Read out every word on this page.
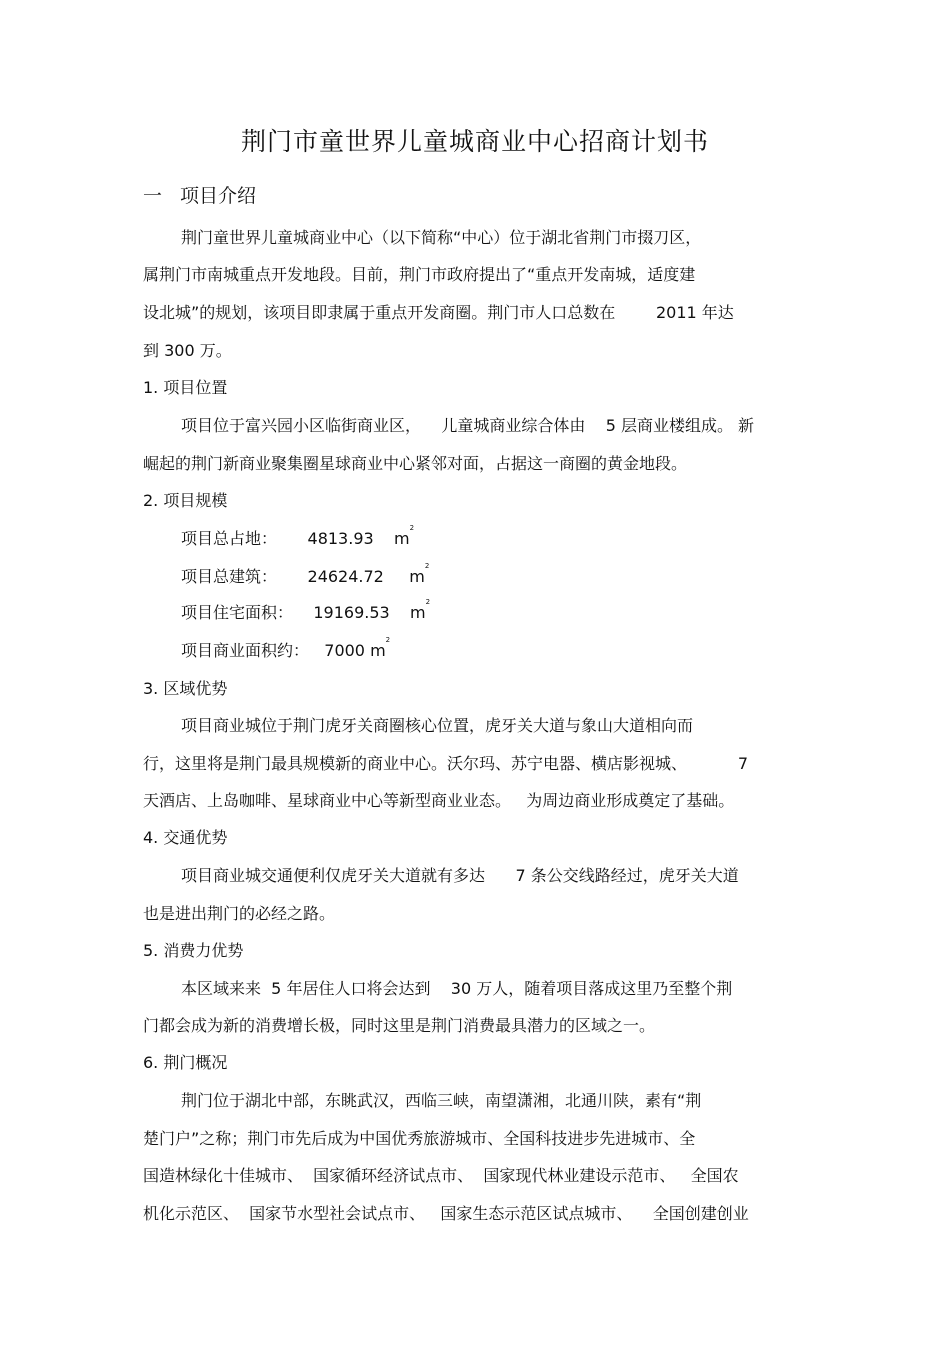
荆门市童世界儿童城商业中心招商计划书
一 项目介绍
荆门童世界儿童城商业中心（以下简称“中心）位于湖北省荆门市掇刀区，
属荆门市南城重点开发地段。目前，荆门市政府提出了“重点开发南城，适度建
设北城”的规划，该项目即隶属于重点开发商圈。荆门市人口总数在        2011 年达
到 300 万。
1. 项目位置
项目位于富兴园小区临街商业区，    儿童城商业综合体由    5 层商业楼组成。 新
崛起的荆门新商业聚集圈星球商业中心紧邻对面，占据这一商圈的黄金地段。
2. 项目规模
项目总占地：      4813.93    $m^2$
项目总建筑：      24624.72     $m^2$
项目住宅面积：    19169.53    $m^2$
项目商业面积约：   7000 $m^2$
3. 区域优势
项目商业城位于荆门虎牙关商圈核心位置，虎牙关大道与象山大道相向而
行，这里将是荆门最具规模新的商业中心。沃尔玛、苏宁电器、横店影视城、          7
天酒店、上岛咖啡、星球商业中心等新型商业业态。   为周边商业形成奠定了基础。
4. 交通优势
项目商业城交通便利仅虎牙关大道就有多达      7 条公交线路经过，虎牙关大道
也是进出荆门的必经之路。
5. 消费力优势
本区域来来  5 年居住人口将会达到    30 万人，随着项目落成这里乃至整个荆
门都会成为新的消费增长极，同时这里是荆门消费最具潜力的区域之一。
6. 荆门概况
荆门位于湖北中部，东眺武汉，西临三峡，南望潇湘，北通川陕，素有“荆
楚门户”之称；荆门市先后成为中国优秀旅游城市、全国科技进步先进城市、全
国造林绿化十佳城市、  国家循环经济试点市、  国家现代林业建设示范市、   全国农
机化示范区、  国家节水型社会试点市、   国家生态示范区试点城市、    全国创建创业
